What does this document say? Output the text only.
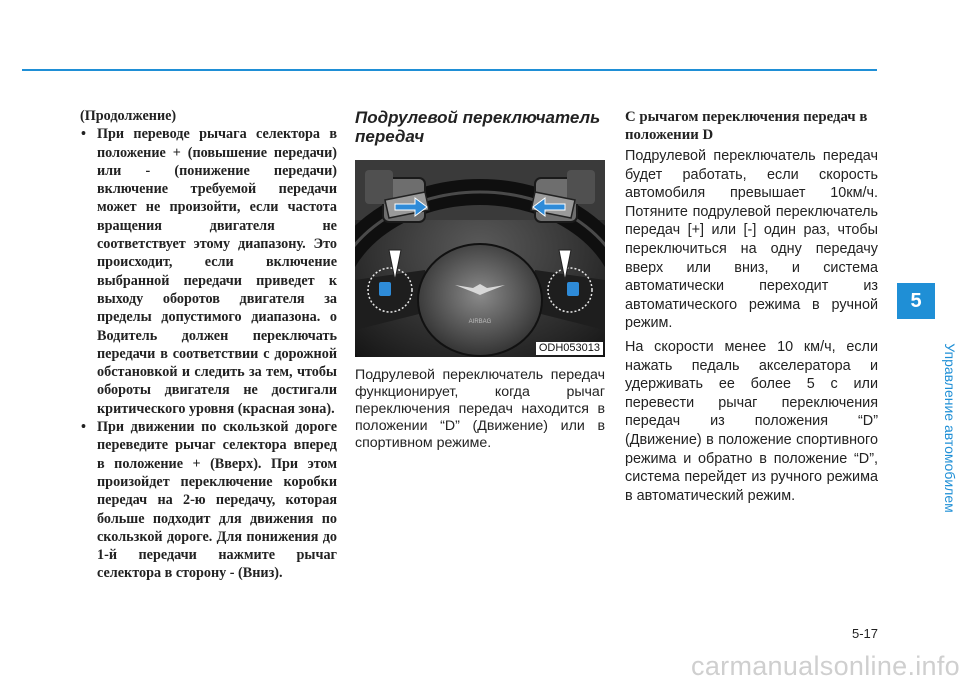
(Продолжение)

• При переводе рычага селектора в положение + (повышение передачи) или - (понижение передачи) включение требуемой передачи может не произойти, если частота вращения двигателя не соответствует этому диапазону. Это происходит, если включение выбранной передачи приведет к выходу оборотов двигателя за пределы допустимого диапазона. о Водитель должен переключать передачи в соответствии с дорожной обстановкой и следить за тем, чтобы обороты двигателя не достигали критического уровня (красная зона).
• При движении по скользкой дороге переведите рычаг селектора вперед в положение + (Вверх). При этом произойдет переключение коробки передач на 2-ю передачу, которая больше подходит для движения по скользкой дороге. Для понижения до 1-й передачи нажмите рычаг селектора в сторону - (Вниз).
Подрулевой переключатель передач
AIRBAG
ODH053013

Подрулевой переключатель передач функционирует, когда рычаг переключения передач находится в положении “D” (Движение) или в спортивном режиме.

С рычагом переключения передач в положении D

Подрулевой переключатель передач будет работать, если скорость автомобиля превышает 10км/ч. Потяните подрулевой переключатель передач [+] или [-] один раз, чтобы переключиться на одну передачу вверх или вниз, и система автоматически переходит из автоматического режима в ручной режим.

На скорости менее 10 км/ч, если нажать педаль акселератора и удерживать ее более 5 с или перевести рычаг переключения передач из положения “D” (Движение) в положение спортивного режима и обратно в положение “D”, система перейдет из ручного режима в автоматический режим.

5
Управление автомобилем
5-17
carmanualsonline.info
